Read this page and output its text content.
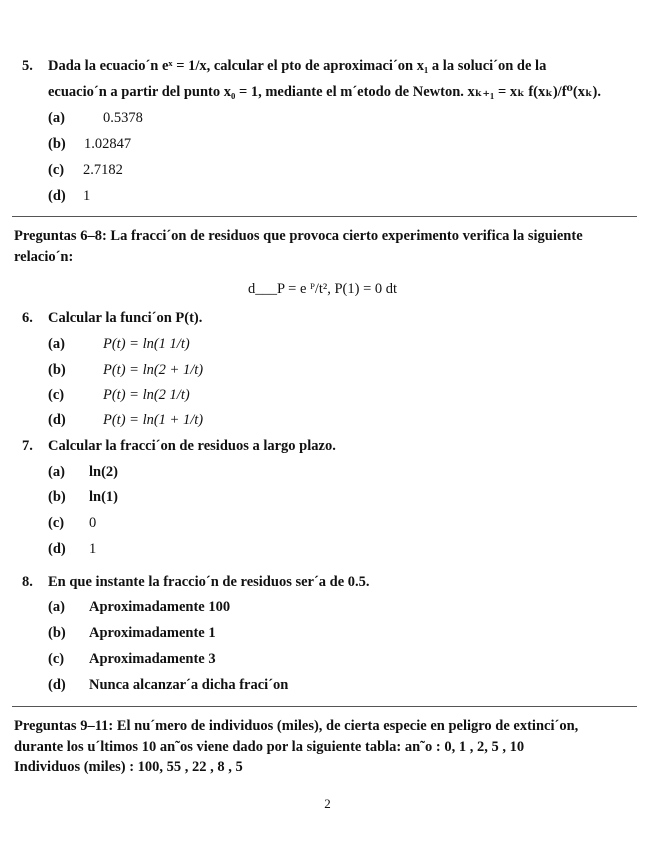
5. Dada la ecuacio´n eˣ = 1/x, calcular el pto de aproximaci´on x₁ a la soluci´on de la
ecuacio´n a partir del punto x₀ = 1, mediante el m´etodo de Newton. xₖ₊₁ = xₖ f(xₖ)/f⁰(xₖ).
(a)	0.5378
(b) 1.02847
(c) 2.7182
(d) 1
Preguntas 6–8: La fracci´on de residuos que provoca cierto experimento verifica la siguiente
relacio´n:
d___P = e ᴾ/t², P(1) = 0 dt
6. Calcular la funci´on P(t).
(a)	P(t) = ln(1 1/t)
(b)	P(t) = ln(2 + 1/t)
(c)	P(t) = ln(2 1/t)
(d)	P(t) = ln(1 + 1/t)
7. Calcular la fracci´on de residuos a largo plazo.
(a) ln(2)
(b) ln(1)
(c) 0
(d) 1
8. En que instante la fraccio´n de residuos ser´a de 0.5.
(a) Aproximadamente 100
(b) Aproximadamente 1
(c) Aproximadamente 3
(d) Nunca alcanzar´a dicha fraci´on
Preguntas 9–11: El nu´mero de individuos (miles), de cierta especie en peligro de extinci´on,
durante los u´ltimos 10 an˜os viene dado por la siguiente tabla: an˜o : 0, 1 , 2, 5 , 10
Individuos (miles) : 100, 55 , 22 , 8 , 5
2
